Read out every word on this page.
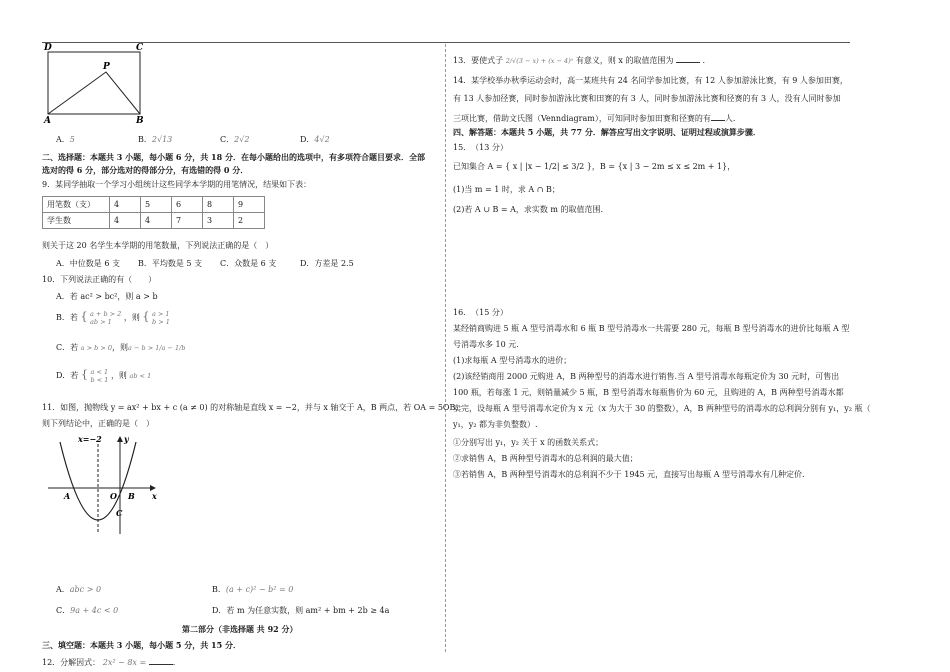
D	C
P
A	B
A．5	B．2√13	C．2√2	D．4√2
二、选择题：本题共 3 小题，每小题 6 分，共 18 分．在每小题给出的选项中，有多项符合题目要求．全部
选对的得 6 分，部分选对的得部分分，有选错的得 0 分．
9．某同学抽取一个学习小组统计这些同学本学期的用笔情况，结果如下表：
用笔数（支）	4	5	6	8	9
学生数	4	4	7	3	2
则关于这 20 名学生本学期的用笔数量，下列说法正确的是（　）
A．中位数是 6 支 B．平均数是 5 支 C．众数是 6 支	D．方差是 2.5
10．下列说法正确的有（　　）
A．若 ac² > bc²，则 a > b
B．若 { a + b > 2
ab > 1	，则 { a > 1
b > 1
C．若 a > b > 0，则a − b > 1/a − 1/b
D．若 { a < 1
b < 1 ，则 ab < 1
11．如图，抛物线 y = ax² + bx + c (a ≠ 0) 的对称轴是直线 x = −2，并与 x 轴交于 A，B 两点，若 OA = 5OB，
则下列结论中，正确的是（　）
x=−2	y
x
A	O B
C
A．abc > 0	B．(a + c)² − b² = 0
C．9a + 4c < 0	D．若 m 为任意实数，则 am² + bm + 2b ≥ 4a
第二部分（非选择题 共 92 分）
三、填空题：本题共 3 小题，每小题 5 分，共 15 分．
12．分解因式： 2x² − 8x =	.
13．要使式子 2/√(3 − x) + (x − 4)⁰ 有意义，则 x 的取值范围为	.
14．某学校举办秋季运动会时，高一某班共有 24 名同学参加比赛，有 12 人参加游泳比赛，有 9 人参加田赛，
有 13 人参加径赛，同时参加游泳比赛和田赛的有 3 人，同时参加游泳比赛和径赛的有 3 人，没有人同时参加
三项比赛，借助文氏图（Venndiagram），可知同时参加田赛和径赛的有 人.
四、解答题：本题共 5 小题，共 77 分．解答应写出文字说明、证明过程或演算步骤．
15．　（13 分）
已知集合 A = { x | |x − 1/2| ≤ 3/2 }，B = {x | 3 − 2m ≤ x ≤ 2m + 1}，
(1)当 m = 1 时，求 A ∩ B；
(2)若 A ∪ B = A，求实数 m 的取值范围.
16．　（15 分）
某经销商购进 5 瓶 A 型号消毒水和 6 瓶 B 型号消毒水一共需要 280 元，每瓶 B 型号消毒水的进价比每瓶 A 型
号消毒水多 10 元.
(1)求每瓶 A 型号消毒水的进价；
(2)该经销商用 2000 元购进 A，B 两种型号的消毒水进行销售.当 A 型号消毒水每瓶定价为 30 元时，可售出
100 瓶，若每涨 1 元，则销量减少 5 瓶，B 型号消毒水每瓶售价为 60 元，且购进的 A，B 两种型号消毒水都
卖完，设每瓶 A 型号消毒水定价为 x 元（x 为大于 30 的整数），A，B 两种型号的消毒水的总利润分别有 y₁，y₂ 瓶（
y₁，y₂ 都为非负整数）.
①分别写出 y₁，y₂ 关于 x 的函数关系式；
②求销售 A，B 两种型号消毒水的总利润的最大值；
③若销售 A，B 两种型号消毒水的总利润不少于 1945 元，直接写出每瓶 A 型号消毒水有几种定价.
